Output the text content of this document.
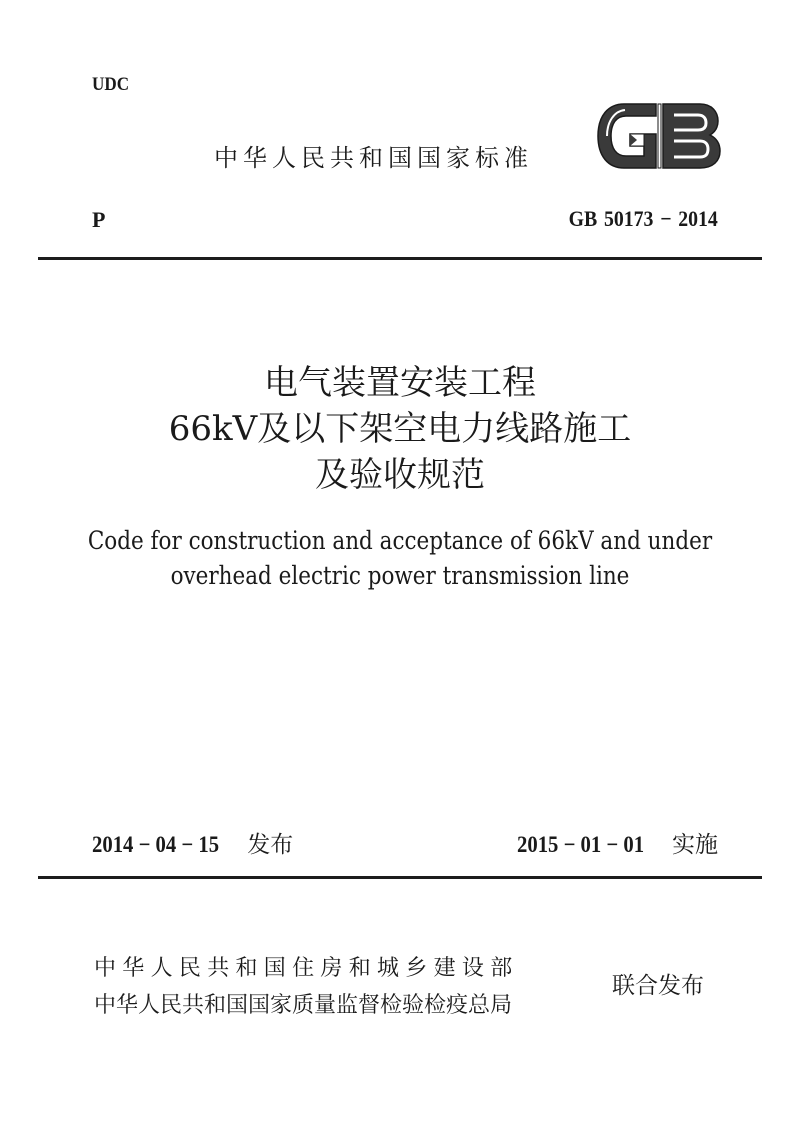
UDC
中华人民共和国国家标准
P	GB 50173 − 2014
电气装置安装工程
66kV及以下架空电力线路施工
及验收规范
Code for construction and acceptance of 66kV and under
overhead electric power transmission line
2014 − 04 − 15 发布	2015 − 01 − 01 实施
中华人民共和国住房和城乡建设部
中华人民共和国国家质量监督检验检疫总局
联合发布
